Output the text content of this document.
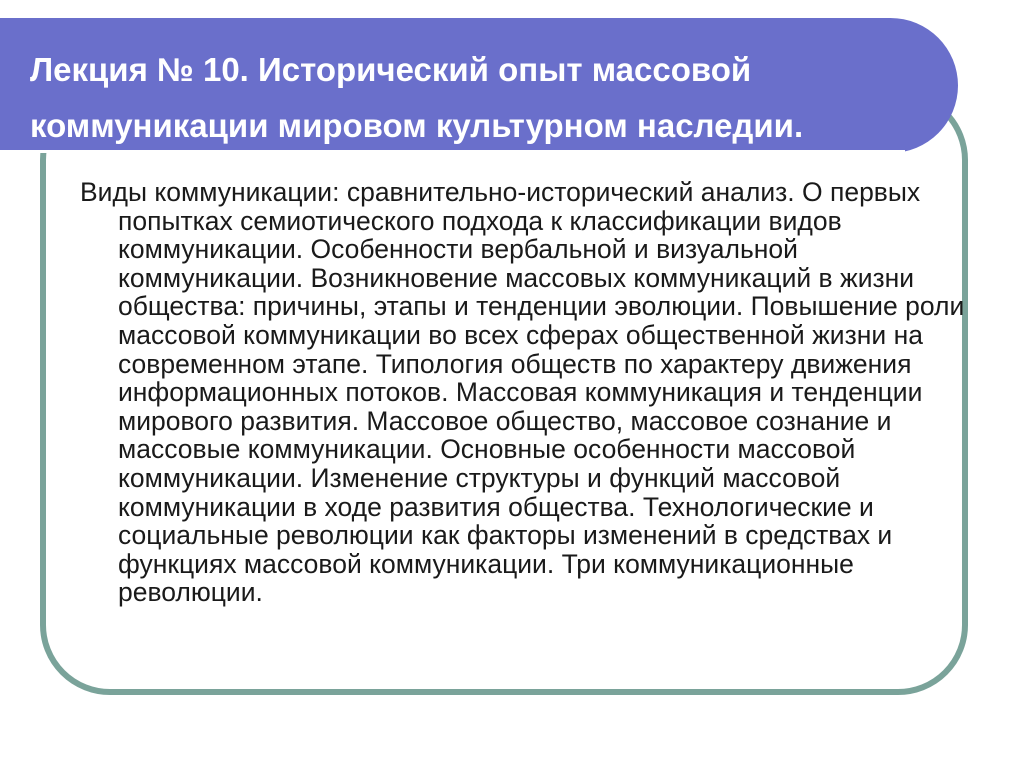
Лекция № 10. Исторический опыт массовой коммуникации мировом культурном наследии.

Виды коммуникации: сравнительно-исторический анализ. О первых попытках семиотического подхода к классификации видов коммуникации. Особенности вербальной и визуальной коммуникации. Возникновение массовых коммуникаций в жизни общества: причины, этапы и тенденции эволюции. Повышение роли массовой коммуникации во всех сферах общественной жизни на современном этапе. Типология обществ по характеру движения информационных потоков. Массовая коммуникация и тенденции мирового развития. Массовое общество, массовое сознание и массовые коммуникации. Основные особенности массовой коммуникации. Изменение структуры и функций массовой коммуникации в ходе развития общества. Технологические и социальные революции как факторы изменений в средствах и функциях массовой коммуникации. Три коммуникационные революции.
